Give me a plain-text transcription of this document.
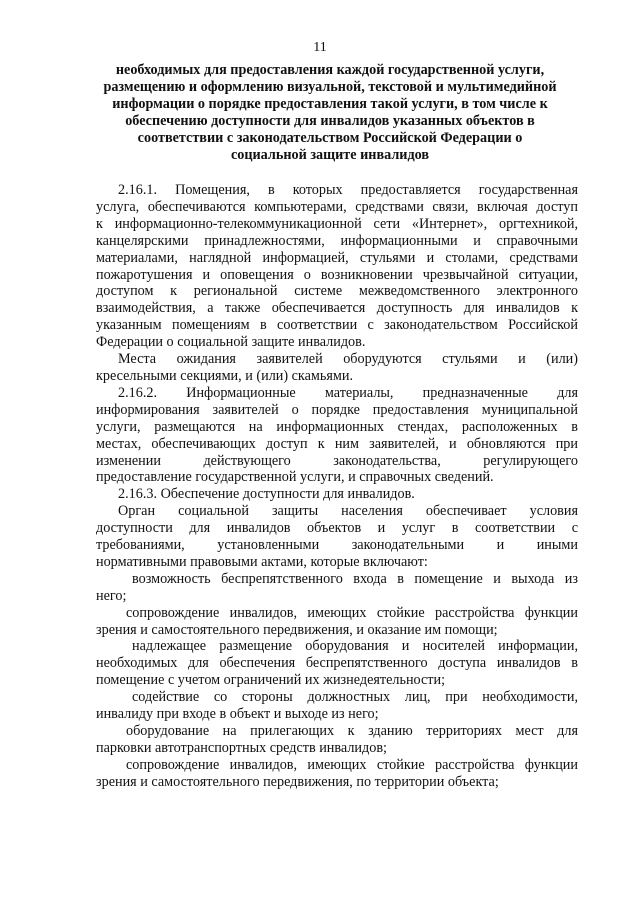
11
необходимых для предоставления каждой государственной услуги,
размещению и оформлению визуальной, текстовой и мультимедийной
информации о порядке предоставления такой услуги, в том числе к
обеспечению доступности для инвалидов указанных объектов в
соответствии с законодательством Российской Федерации о
социальной защите инвалидов
2.16.1. Помещения, в которых предоставляется государственная
услуга, обеспечиваются компьютерами, средствами связи, включая доступ
к информационно-телекоммуникационной сети «Интернет», оргтехникой,
канцелярскими принадлежностями, информационными и справочными
материалами, наглядной информацией, стульями и столами, средствами
пожаротушения и оповещения о возникновении чрезвычайной ситуации,
доступом к региональной системе межведомственного электронного
взаимодействия, а также обеспечивается доступность для инвалидов к
указанным помещениям в соответствии с законодательством Российской
Федерации о социальной защите инвалидов.
Места ожидания заявителей оборудуются стульями и (или)
кресельными секциями, и (или) скамьями.
2.16.2. Информационные материалы, предназначенные для
информирования заявителей о порядке предоставления муниципальной
услуги, размещаются на информационных стендах, расположенных в
местах, обеспечивающих доступ к ним заявителей, и обновляются при
изменении действующего законодательства, регулирующего
предоставление государственной услуги, и справочных сведений.
2.16.3. Обеспечение доступности для инвалидов.
Орган социальной защиты населения обеспечивает условия
доступности для инвалидов объектов и услуг в соответствии с
требованиями, установленными законодательными и иными
нормативными правовыми актами, которые включают:
возможность беспрепятственного входа в помещение и выхода из
него;
сопровождение инвалидов, имеющих стойкие расстройства функции
зрения и самостоятельного передвижения, и оказание им помощи;
надлежащее размещение оборудования и носителей информации,
необходимых для обеспечения беспрепятственного доступа инвалидов в
помещение с учетом ограничений их жизнедеятельности;
содействие со стороны должностных лиц, при необходимости,
инвалиду при входе в объект и выходе из него;
оборудование на прилегающих к зданию территориях мест для
парковки автотранспортных средств инвалидов;
сопровождение инвалидов, имеющих стойкие расстройства функции
зрения и самостоятельного передвижения, по территории объекта;
